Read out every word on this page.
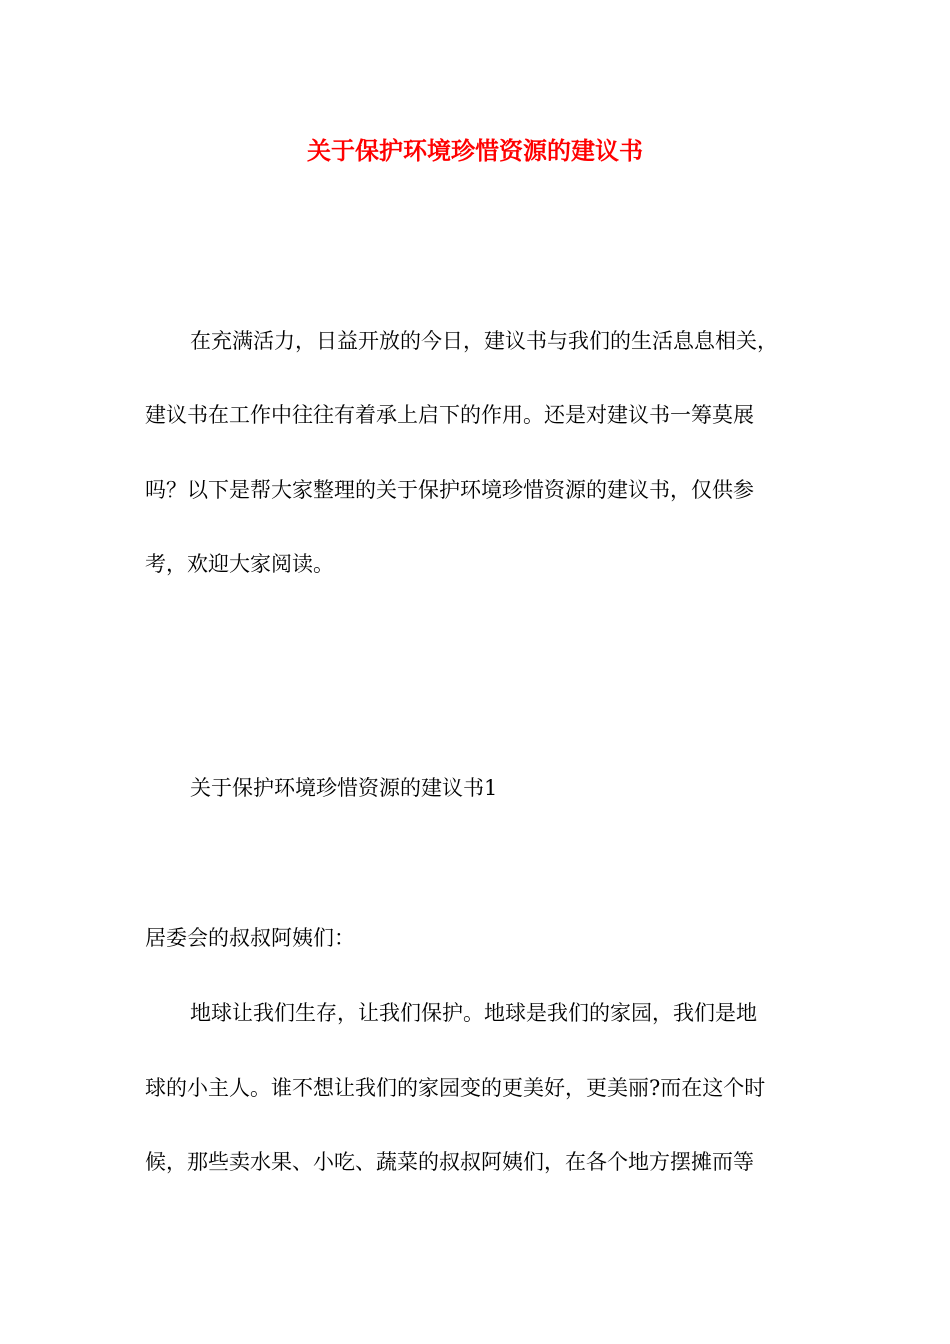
关于保护环境珍惜资源的建议书
在充满活力，日益开放的今日，建议书与我们的生活息息相关，
建议书在工作中往往有着承上启下的作用。还是对建议书一筹莫展
吗？以下是帮大家整理的关于保护环境珍惜资源的建议书，仅供参
考，欢迎大家阅读。
关于保护环境珍惜资源的建议书1
居委会的叔叔阿姨们：
地球让我们生存，让我们保护。地球是我们的家园，我们是地
球的小主人。谁不想让我们的家园变的更美好，更美丽?而在这个时
候，那些卖水果、小吃、蔬菜的叔叔阿姨们，在各个地方摆摊而等
